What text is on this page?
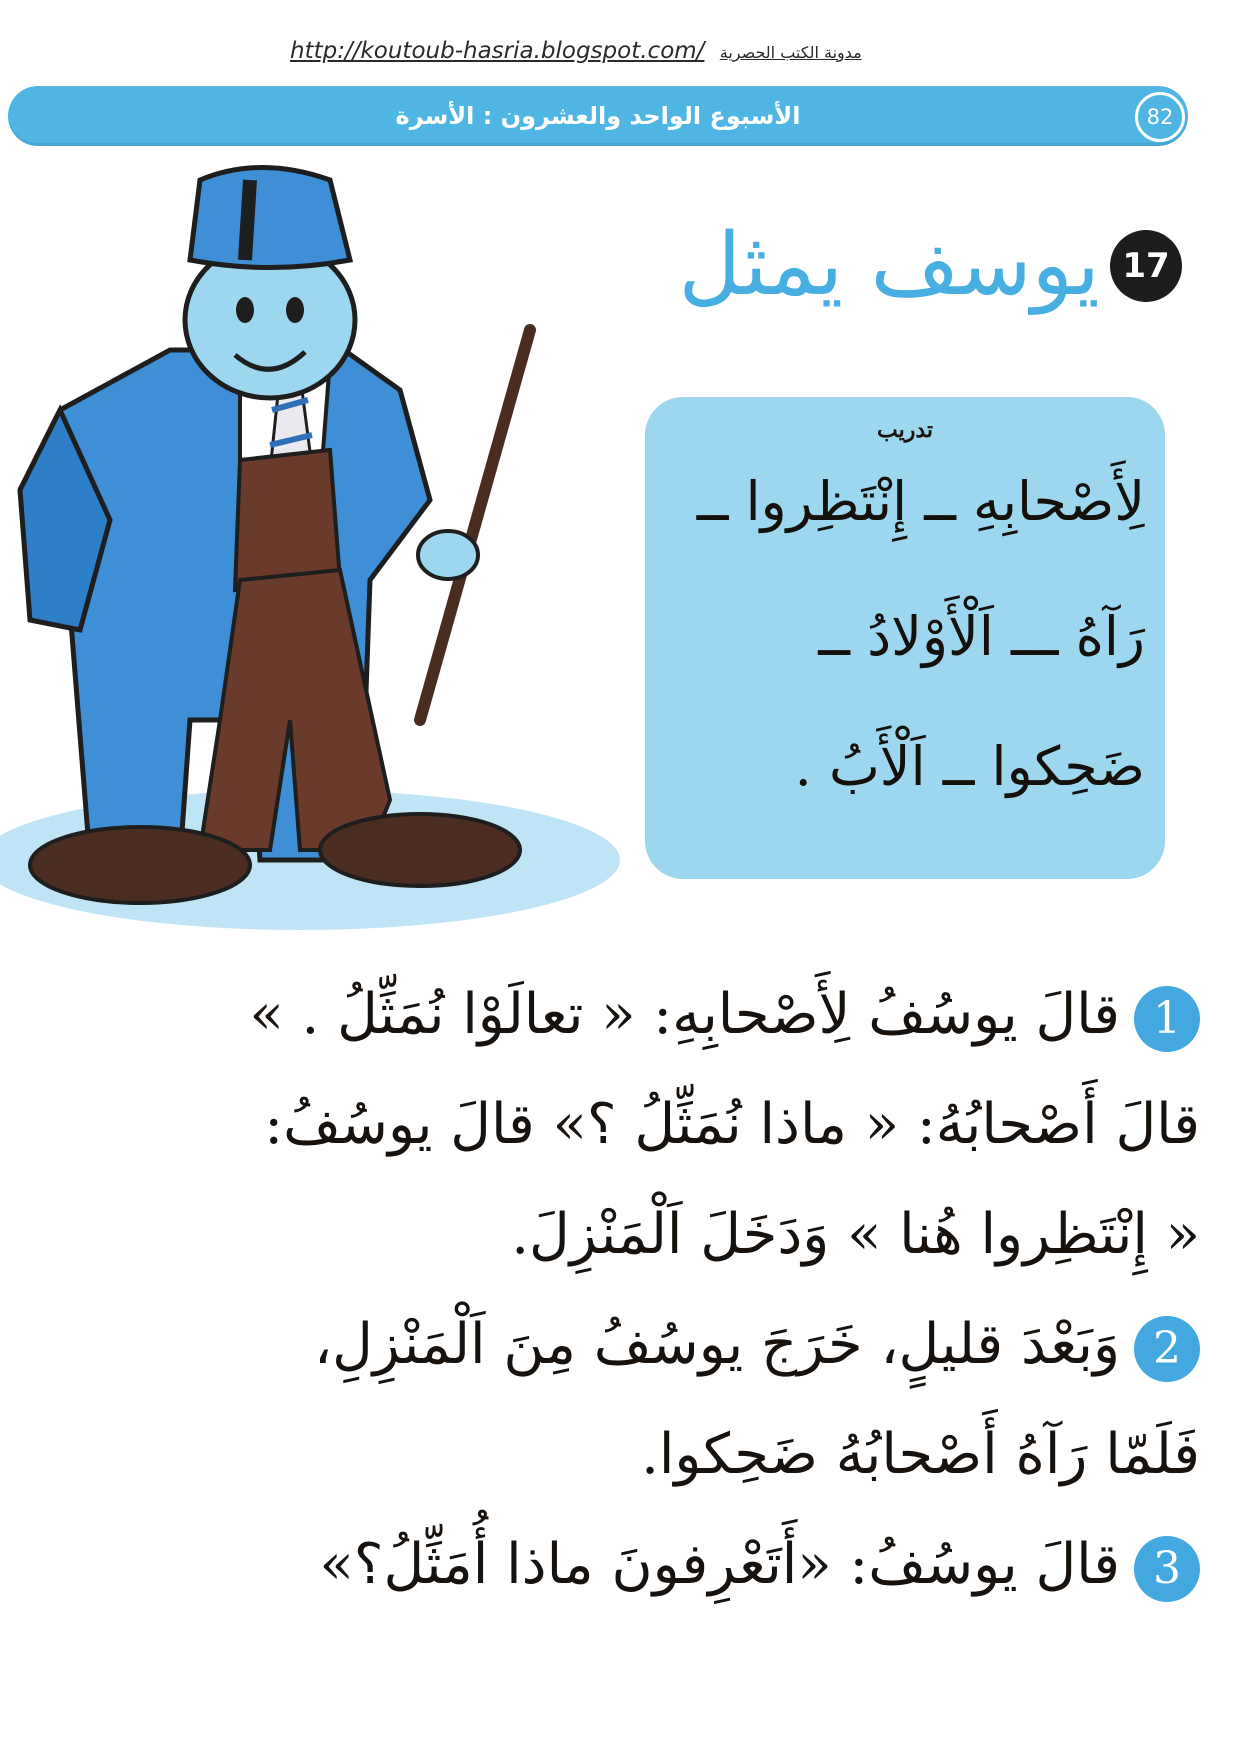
http://koutoub-hasria.blogspot.com/ مدونة الكتب الحصرية
الأسبوع الواحد والعشرون : الأسرة	82
17
يوسف يمثل
تدريب
لِأَصْحابِهِ ــ إِنْتَظِروا ــ
رَآهُ ـــ اَلْأَوْلادُ ــ
ضَحِكوا ــ اَلْأَبُ .
1قالَ يوسُفُ لِأَصْحابِهِ: « تعالَوْا نُمَثِّلُ . »
قالَ أَصْحابُهُ: « ماذا نُمَثِّلُ ؟» قالَ يوسُفُ:
« إِنْتَظِروا هُنا » وَدَخَلَ اَلْمَنْزِلَ.
2وَبَعْدَ قليلٍ، خَرَجَ يوسُفُ مِنَ اَلْمَنْزِلِ،
فَلَمّا رَآهُ أَصْحابُهُ ضَحِكوا.
3قالَ يوسُفُ: «أَتَعْرِفونَ ماذا أُمَثِّلُ؟»
